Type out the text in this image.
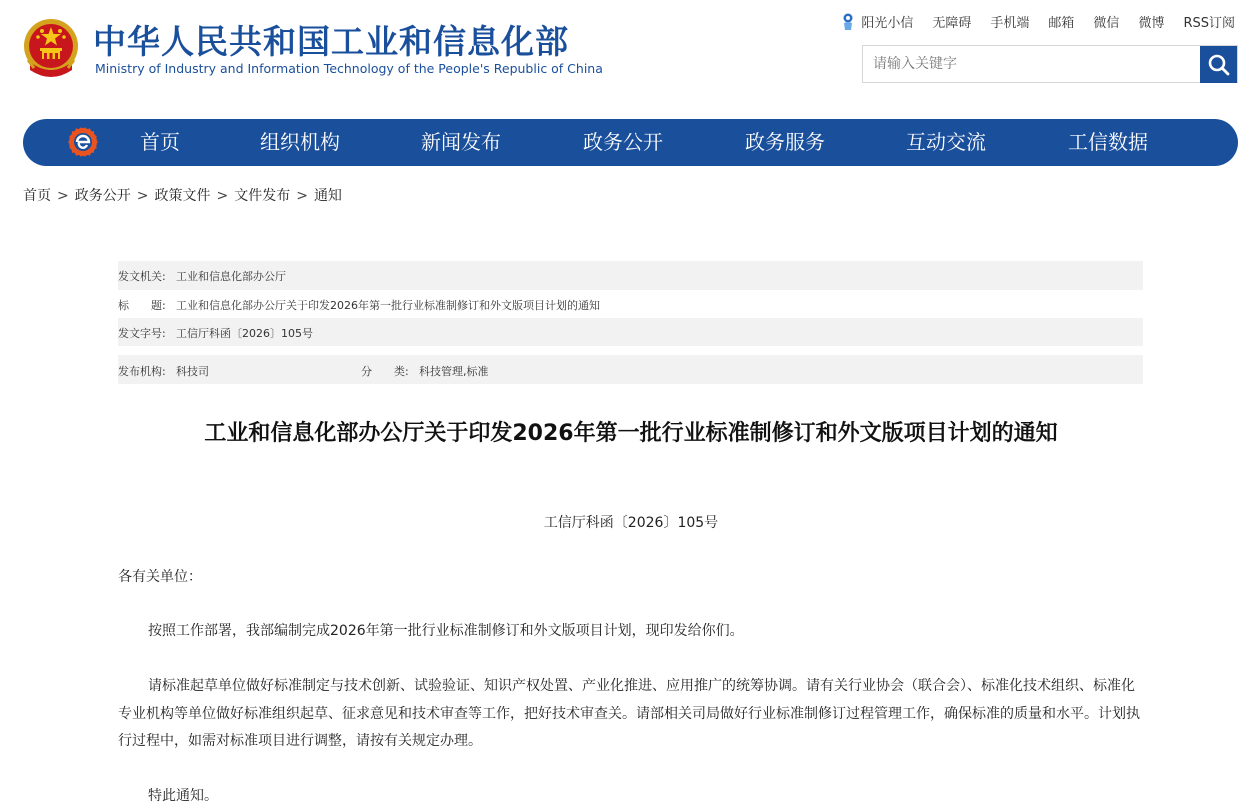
中华人民共和国工业和信息化部
Ministry of Industry and Information Technology of the People's Republic of China
阳光小信 无障碍 手机端 邮箱 微信 微博 RSS订阅
请输入关键字
首页	组织机构	新闻发布	政务公开	政务服务	互动交流	工信数据
首页 > 政务公开 > 政策文件 > 文件发布 > 通知
发文机关: 工业和信息化部办公厅
标　　题: 工业和信息化部办公厅关于印发2026年第一批行业标准制修订和外文版项目计划的通知
发文字号: 工信厅科函〔2026〕105号
发布机构: 科技司	分　　类: 科技管理,标准
工业和信息化部办公厅关于印发2026年第一批行业标准制修订和外文版项目计划的通知
工信厅科函〔2026〕105号
各有关单位：
按照工作部署，我部编制完成2026年第一批行业标准制修订和外文版项目计划，现印发给你们。
请标准起草单位做好标准制定与技术创新、试验验证、知识产权处置、产业化推进、应用推广的统筹协调。请有关行业协会（联合会）、标准化技术组织、标准化专业机构等单位做好标准组织起草、征求意见和技术审查等工作，把好技术审查关。请部相关司局做好行业标准制修订过程管理工作，确保标准的质量和水平。计划执行过程中，如需对标准项目进行调整，请按有关规定办理。
特此通知。
